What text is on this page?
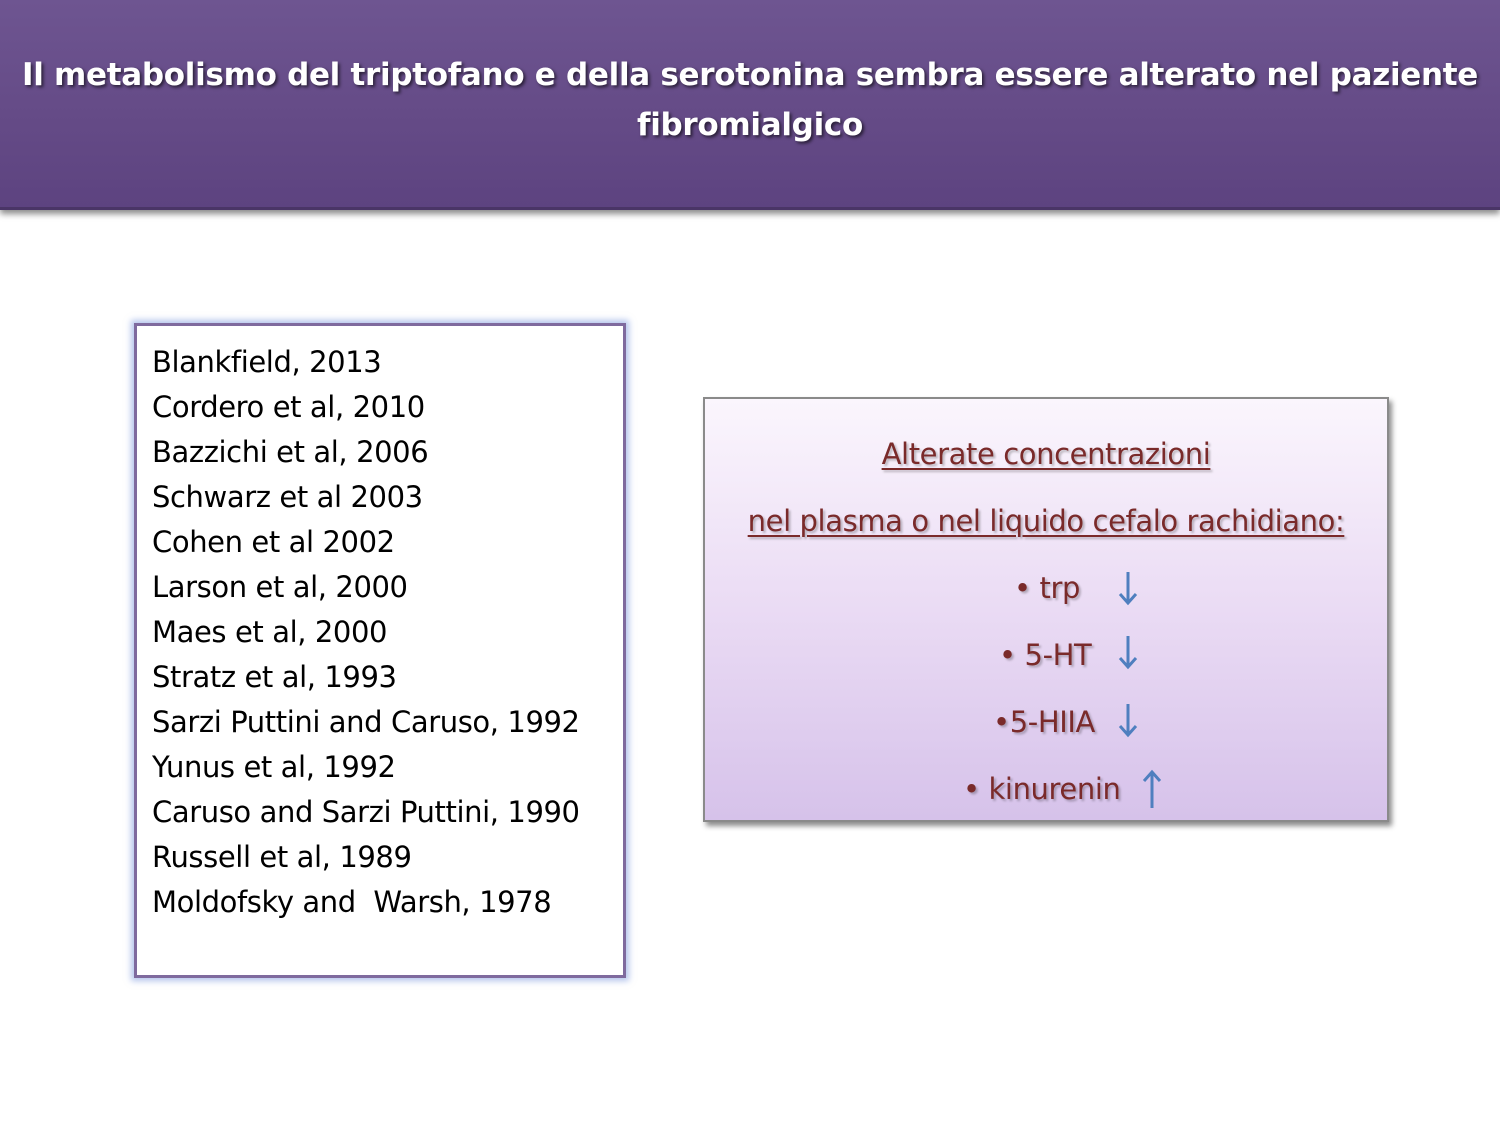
Il metabolismo del triptofano e della serotonina sembra essere alterato nel paziente fibromialgico

Blankfield, 2013
Cordero et al, 2010
Bazzichi et al, 2006
Schwarz et al 2003
Cohen et al 2002
Larson et al, 2000
Maes et al, 2000
Stratz et al, 1993
Sarzi Puttini and Caruso, 1992
Yunus et al, 1992
Caruso and Sarzi Puttini, 1990
Russell et al, 1989
Moldofsky and  Warsh, 1978
Alterate concentrazioni
nel plasma o nel liquido cefalo rachidiano:
• trp
• 5-HT
•5-HIIA
• kinurenin
